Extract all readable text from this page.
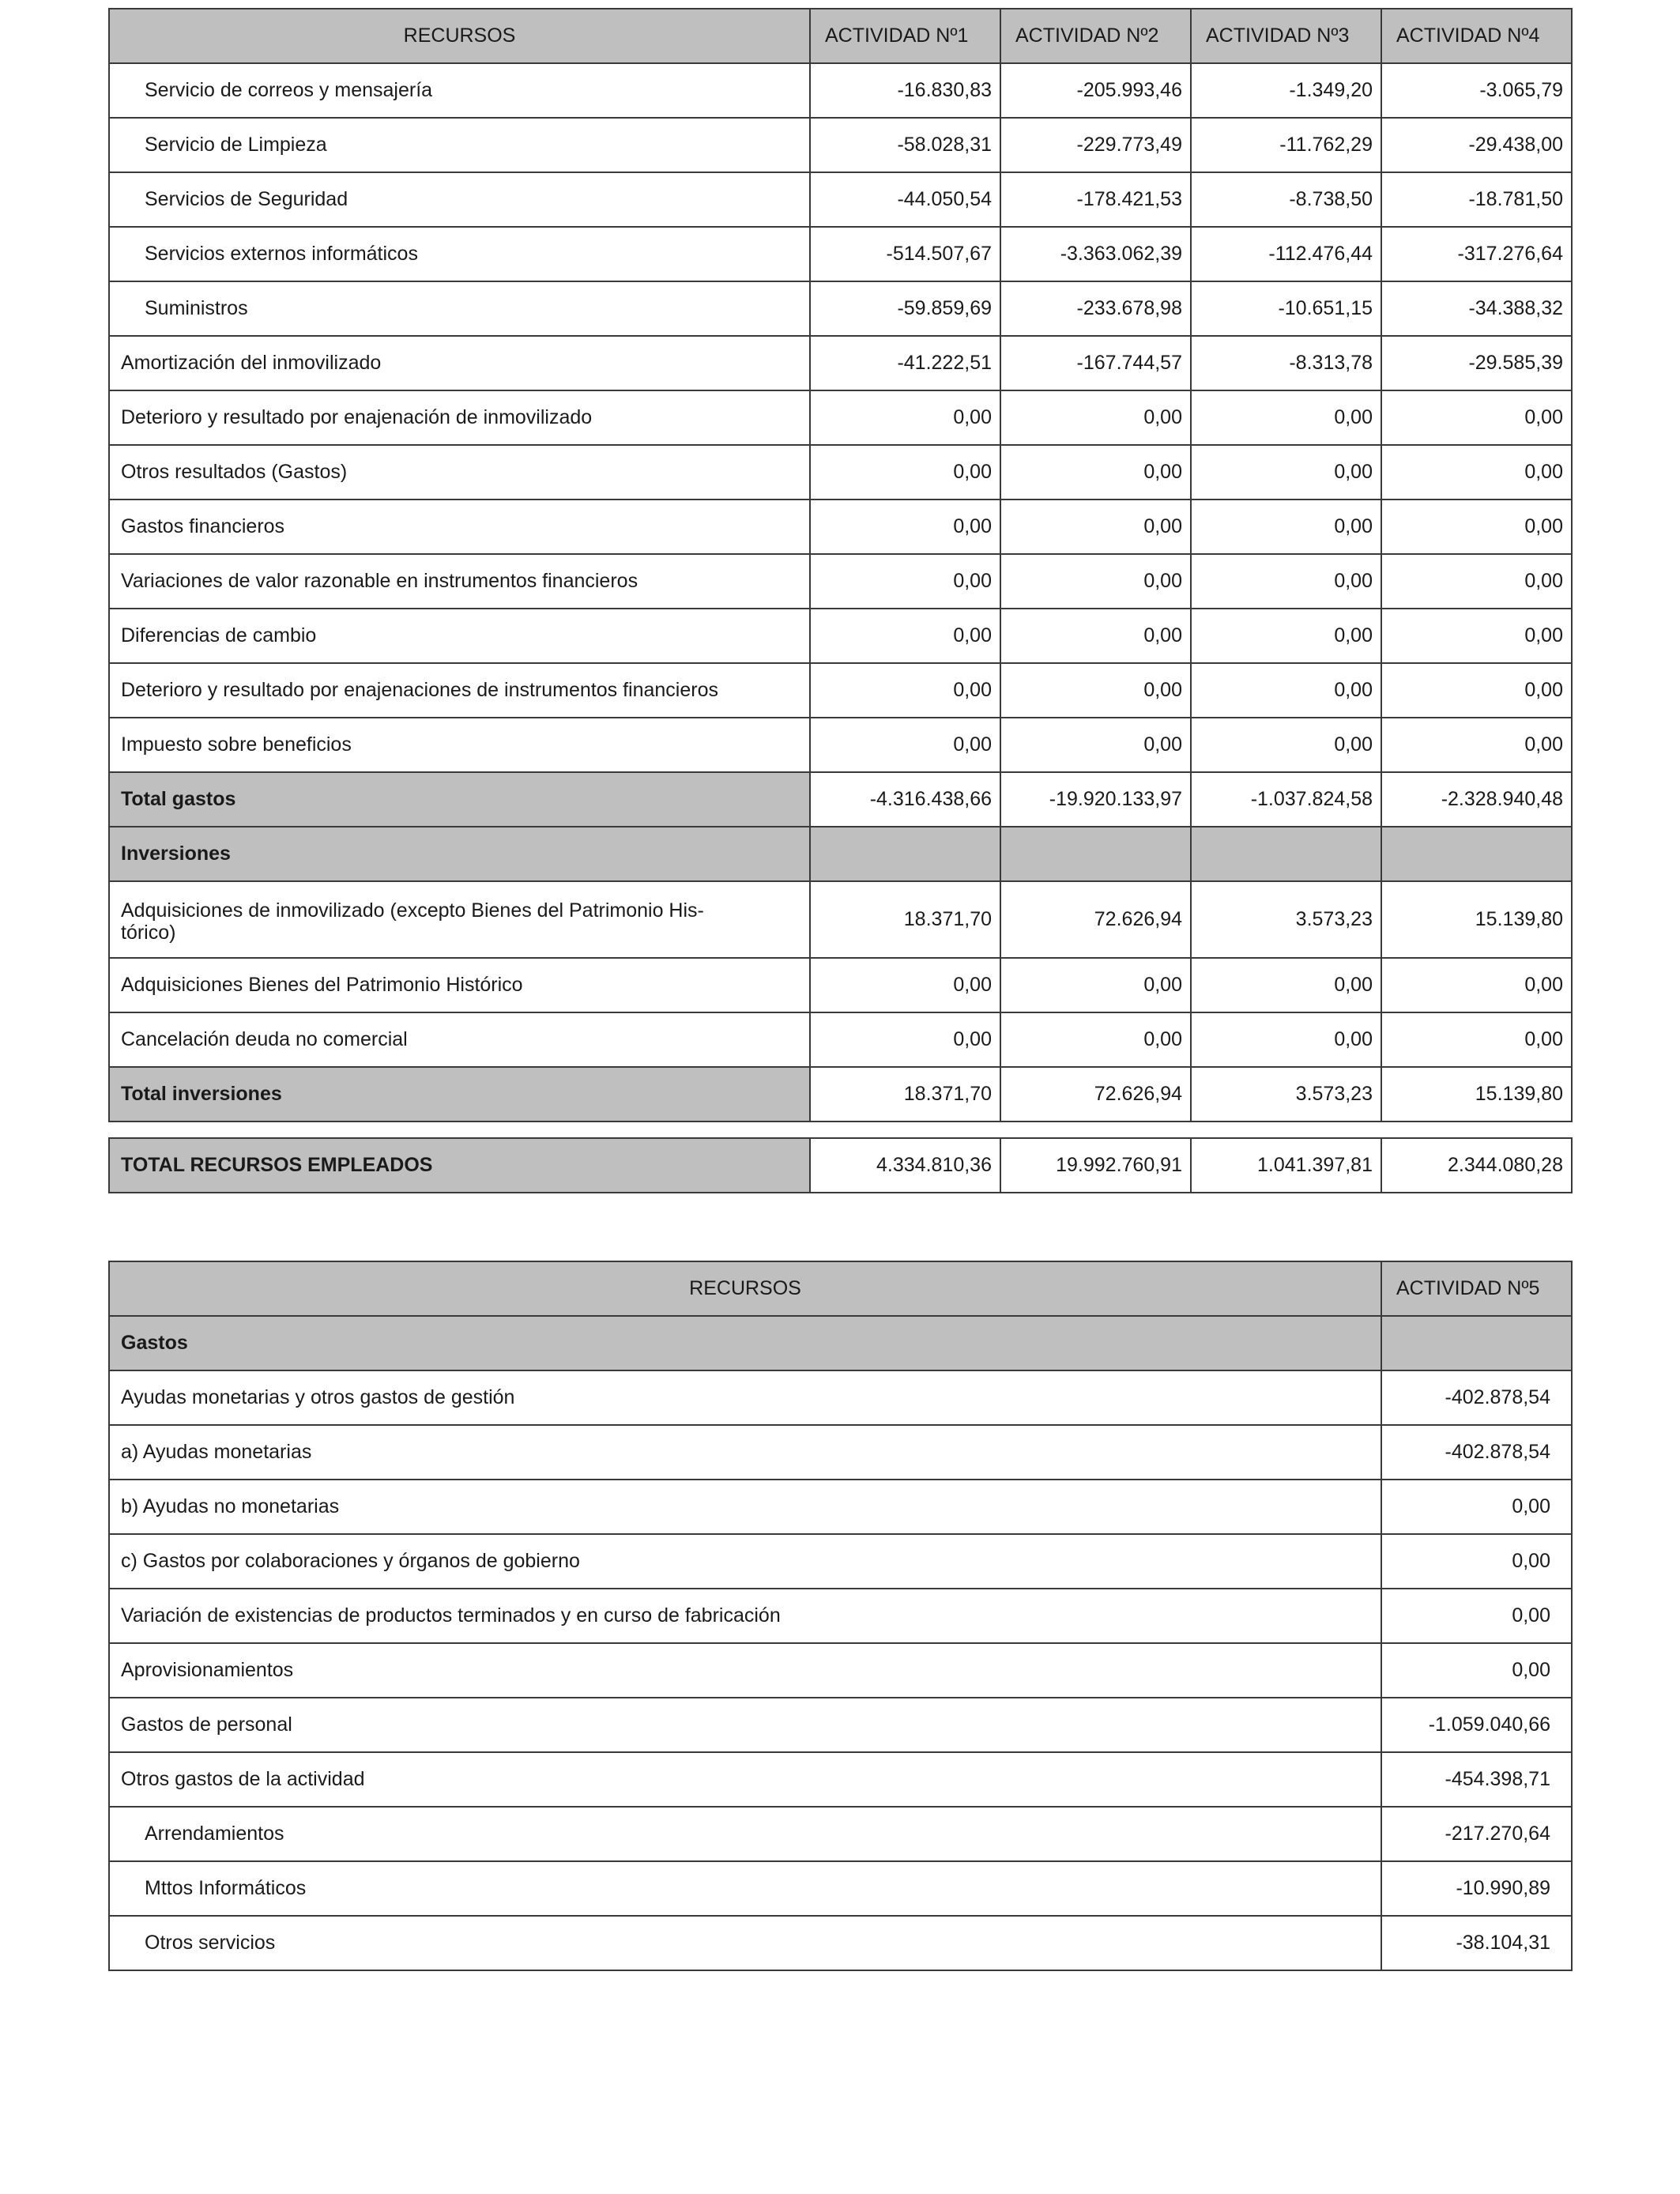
RECURSOS	ACTIVIDAD Nº1	ACTIVIDAD Nº2	ACTIVIDAD Nº3	ACTIVIDAD Nº4
Servicio de correos y mensajería	-16.830,83	-205.993,46	-1.349,20	-3.065,79
Servicio de Limpieza	-58.028,31	-229.773,49	-11.762,29	-29.438,00
Servicios de Seguridad	-44.050,54	-178.421,53	-8.738,50	-18.781,50
Servicios externos informáticos	-514.507,67	-3.363.062,39	-112.476,44	-317.276,64
Suministros	-59.859,69	-233.678,98	-10.651,15	-34.388,32
Amortización del inmovilizado	-41.222,51	-167.744,57	-8.313,78	-29.585,39
Deterioro y resultado por enajenación de inmovilizado	0,00	0,00	0,00	0,00
Otros resultados (Gastos)	0,00	0,00	0,00	0,00
Gastos financieros	0,00	0,00	0,00	0,00
Variaciones de valor razonable en instrumentos financieros	0,00	0,00	0,00	0,00
Diferencias de cambio	0,00	0,00	0,00	0,00
Deterioro y resultado por enajenaciones de instrumentos financieros	0,00	0,00	0,00	0,00
Impuesto sobre beneficios	0,00	0,00	0,00	0,00
Total gastos	-4.316.438,66	-19.920.133,97	-1.037.824,58	-2.328.940,48
Inversiones				
Adquisiciones de inmovilizado (excepto Bienes del Patrimonio His-
tórico)	18.371,70	72.626,94	3.573,23	15.139,80
Adquisiciones Bienes del Patrimonio Histórico	0,00	0,00	0,00	0,00
Cancelación deuda no comercial	0,00	0,00	0,00	0,00
Total inversiones	18.371,70	72.626,94	3.573,23	15.139,80
TOTAL RECURSOS EMPLEADOS	4.334.810,36	19.992.760,91	1.041.397,81	2.344.080,28
RECURSOS	ACTIVIDAD Nº5
Gastos	
Ayudas monetarias y otros gastos de gestión	-402.878,54
a) Ayudas monetarias	-402.878,54
b) Ayudas no monetarias	0,00
c) Gastos por colaboraciones y órganos de gobierno	0,00
Variación de existencias de productos terminados y en curso de fabricación	0,00
Aprovisionamientos	0,00
Gastos de personal	-1.059.040,66
Otros gastos de la actividad	-454.398,71
Arrendamientos	-217.270,64
Mttos Informáticos	-10.990,89
Otros servicios	-38.104,31
